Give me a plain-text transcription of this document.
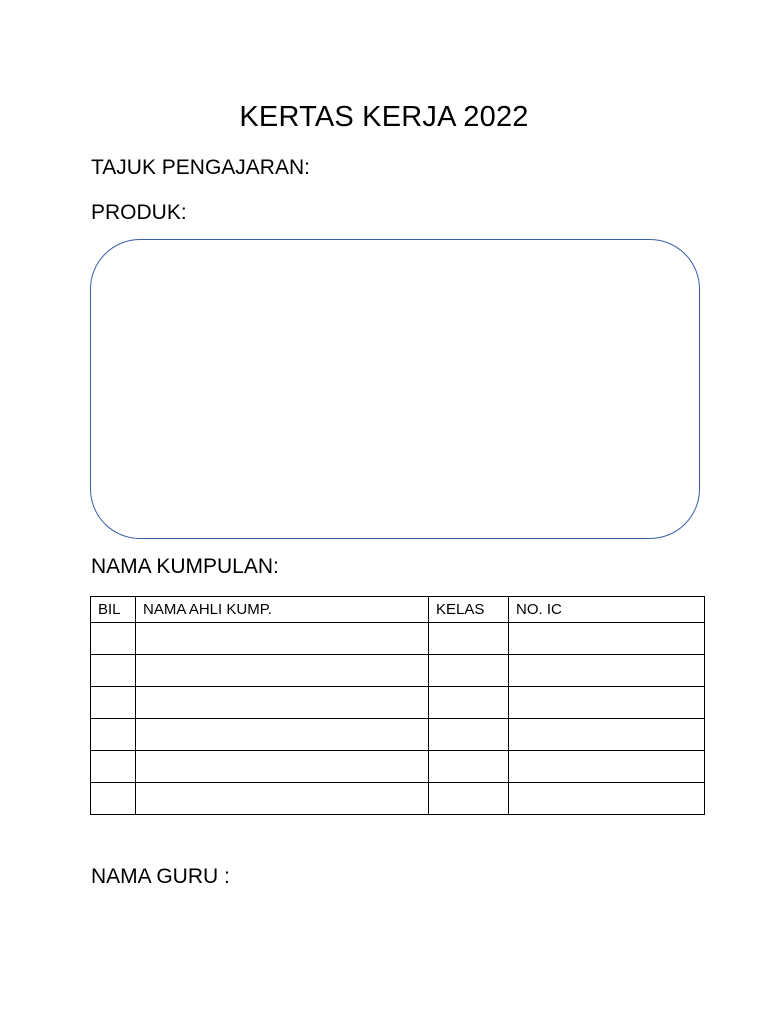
KERTAS KERJA 2022
TAJUK PENGAJARAN:
PRODUK:
NAMA KUMPULAN:
BIL	NAMA AHLI KUMP.	KELAS	NO. IC

NAMA GURU :
